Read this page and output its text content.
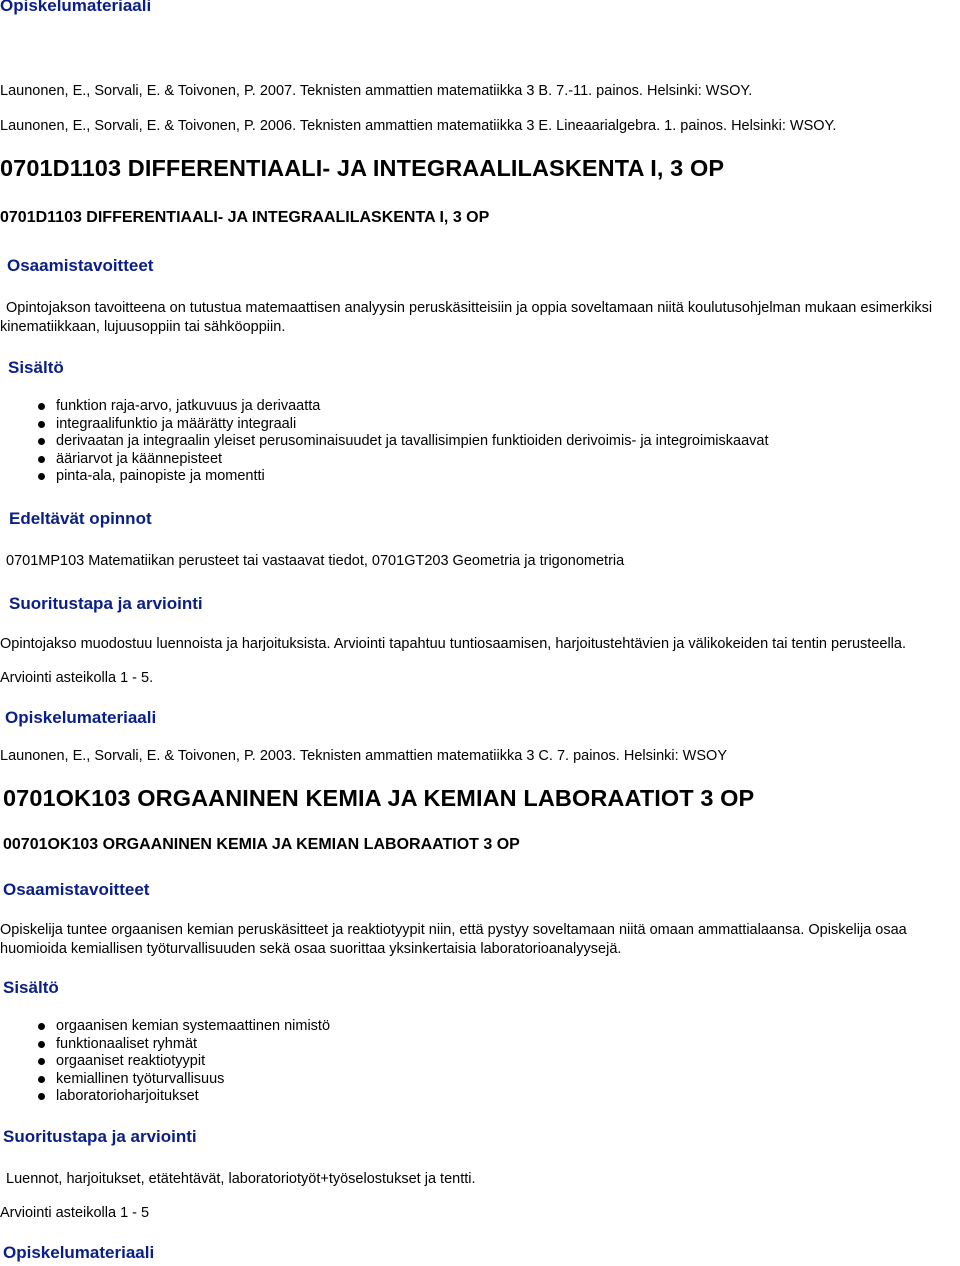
Opiskelumateriaali
Launonen, E., Sorvali, E. & Toivonen, P. 2007. Teknisten ammattien matematiikka 3 B. 7.-11. painos. Helsinki: WSOY.
Launonen, E., Sorvali, E. & Toivonen, P. 2006. Teknisten ammattien matematiikka 3 E. Lineaarialgebra. 1. painos. Helsinki: WSOY.
0701D1103 DIFFERENTIAALI- JA INTEGRAALILASKENTA I, 3 OP
0701D1103 DIFFERENTIAALI- JA INTEGRAALILASKENTA I, 3 OP
Osaamistavoitteet
Opintojakson tavoitteena on tutustua matemaattisen analyysin peruskäsitteisiin ja oppia soveltamaan niitä koulutusohjelman mukaan esimerkiksi kinematiikkaan, lujuusoppiin tai sähköoppiin.
Sisältö
funktion raja-arvo, jatkuvuus ja derivaatta
integraalifunktio ja määrätty integraali
derivaatan ja integraalin yleiset perusominaisuudet ja tavallisimpien funktioiden derivoimis- ja integroimiskaavat
ääriarvot ja käännepisteet
pinta-ala, painopiste ja momentti
Edeltävät opinnot
0701MP103 Matematiikan perusteet tai vastaavat tiedot, 0701GT203 Geometria ja trigonometria
Suoritustapa ja arviointi
Opintojakso muodostuu luennoista ja harjoituksista. Arviointi tapahtuu tuntiosaamisen, harjoitustehtävien ja välikokeiden tai tentin perusteella.
Arviointi asteikolla 1 - 5.
Opiskelumateriaali
Launonen, E., Sorvali, E. & Toivonen, P. 2003. Teknisten ammattien matematiikka 3 C. 7. painos. Helsinki: WSOY
0701OK103 ORGAANINEN KEMIA JA KEMIAN LABORAATIOT 3 OP
00701OK103 ORGAANINEN KEMIA JA KEMIAN LABORAATIOT 3 OP
Osaamistavoitteet
Opiskelija tuntee orgaanisen kemian peruskäsitteet ja reaktiotyypit niin, että pystyy soveltamaan niitä omaan ammattialaansa. Opiskelija osaa huomioida kemiallisen työturvallisuuden sekä osaa suorittaa yksinkertaisia laboratorioanalyysejä.
Sisältö
orgaanisen kemian systemaattinen nimistö
funktionaaliset ryhmät
orgaaniset reaktiotyypit
kemiallinen työturvallisuus
laboratorioharjoitukset
Suoritustapa ja arviointi
Luennot, harjoitukset, etätehtävät, laboratoriotyöt+työselostukset ja tentti.
Arviointi asteikolla 1 - 5
Opiskelumateriaali
